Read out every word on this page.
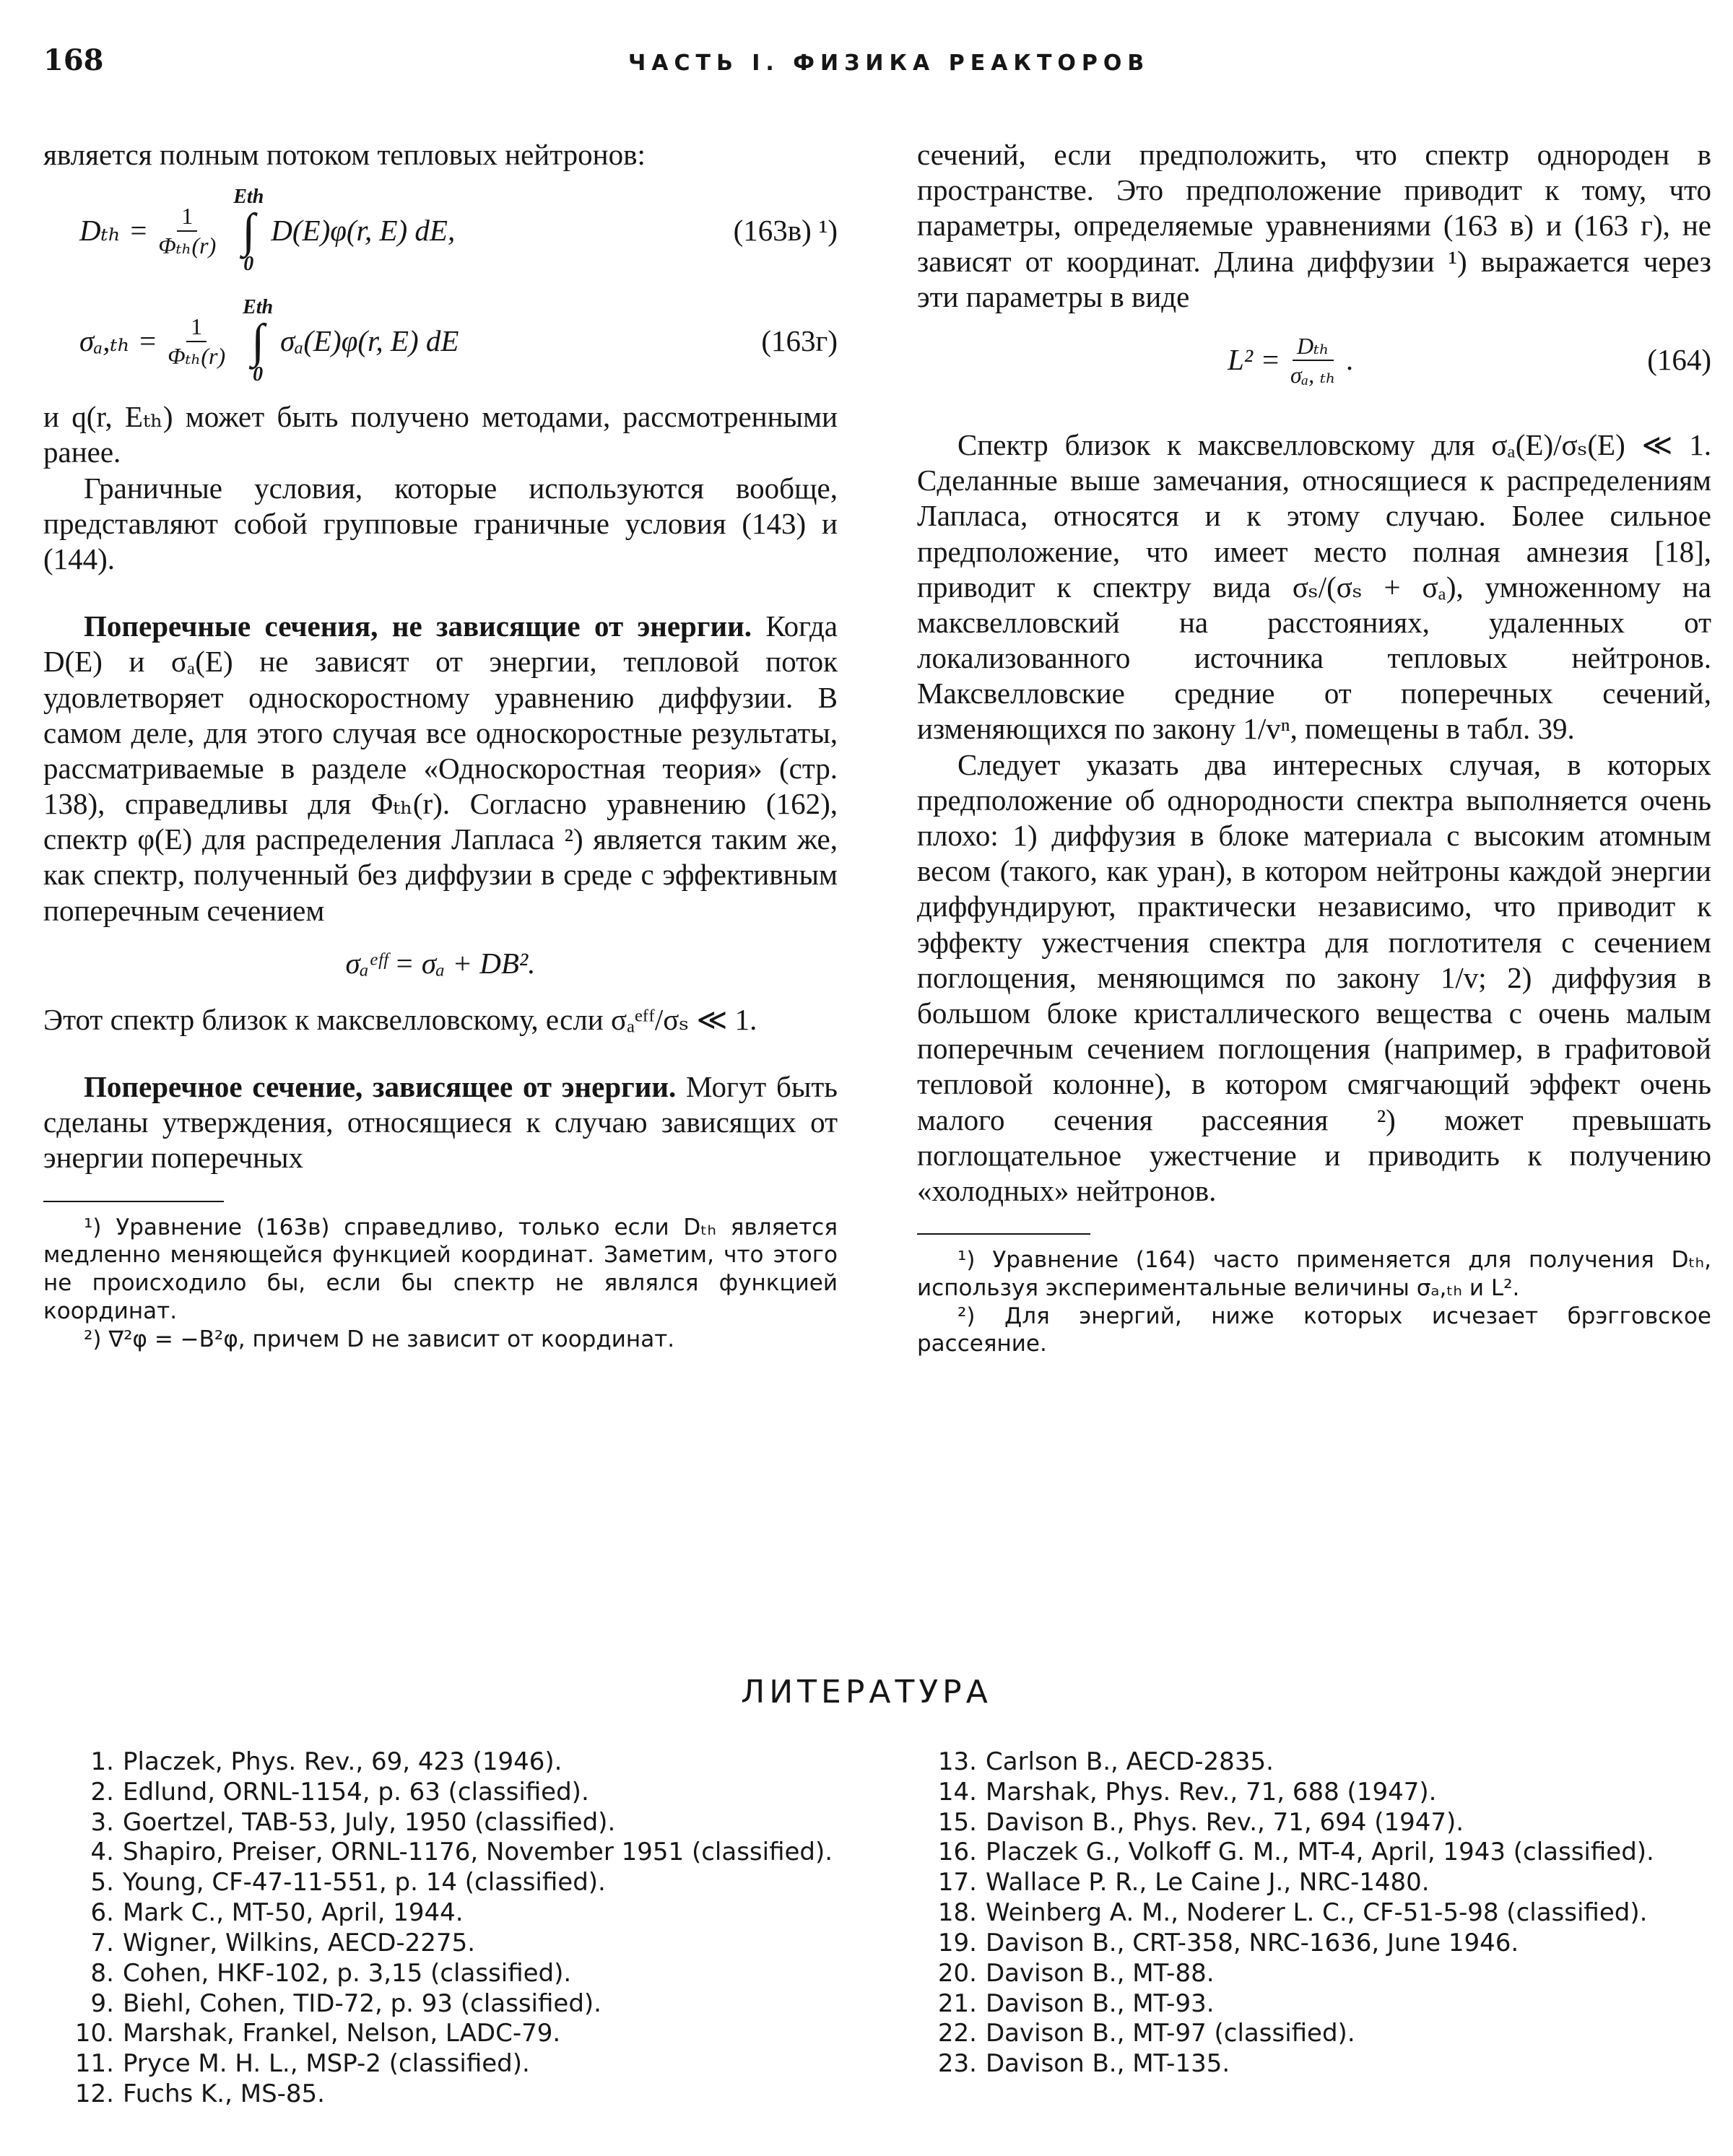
168	ЧАСТЬ I. ФИЗИКА РЕАКТОРОВ

является полным потоком тепловых нейтронов:

$D_{th} = \frac{1}{\text{Φₜₕ(r)}}$
Eth
∫
0
D(E)φ(r, E) dE,	(163в) ¹)
$\sigma_a,_{th} = \frac{1}{\text{Φₜₕ(r)}}$
Eth
∫
0
σₐ(E)φ(r, E) dE	(163г)

и q(r, Eₜₕ) может быть получено методами, рассмотренными ранее.

Граничные условия, которые используются вообще, представляют собой групповые граничные условия (143) и (144).

Поперечные сечения, не зависящие от энергии. Когда D(E) и σₐ(E) не зависят от энергии, тепловой поток удовлетворяет односкоростному уравнению диффузии. В самом деле, для этого случая все односкоростные результаты, рассматриваемые в разделе «Односкоростная теория» (стр. 138), справедливы для Φₜₕ(r). Согласно уравнению (162), спектр φ(E) для распределения Лапласа ²) является таким же, как спектр, полученный без диффузии в среде с эффективным поперечным сечением

σₐᵉᶠᶠ = σₐ + DB².

Этот спектр близок к максвелловскому, если σₐᵉᶠᶠ/σₛ ≪ 1.

Поперечное сечение, зависящее от энергии. Могут быть сделаны утверждения, относящиеся к случаю зависящих от энергии поперечных

¹) Уравнение (163в) справедливо, только если Dₜₕ является медленно меняющейся функцией координат. Заметим, что этого не происходило бы, если бы спектр не являлся функцией координат.

²) ∇²φ = −B²φ, причем D не зависит от координат.

сечений, если предположить, что спектр однороден в пространстве. Это предположение приводит к тому, что параметры, определяемые уравнениями (163 в) и (163 г), не зависят от координат. Длина диффузии ¹) выражается через эти параметры в виде

$L^2 = \frac{\text{Dₜₕ}}{\text{σₐ, ₜₕ}}$ .	(164)

Спектр близок к максвелловскому для σₐ(E)/σₛ(E) ≪ 1. Сделанные выше замечания, относящиеся к распределениям Лапласа, относятся и к этому случаю. Более сильное предположение, что имеет место полная амнезия [18], приводит к спектру вида σₛ/(σₛ + σₐ), умноженному на максвелловский на расстояниях, удаленных от локализованного источника тепловых нейтронов. Максвелловские средние от поперечных сечений, изменяющихся по закону 1/vⁿ, помещены в табл. 39.

Следует указать два интересных случая, в которых предположение об однородности спектра выполняется очень плохо: 1) диффузия в блоке материала с высоким атомным весом (такого, как уран), в котором нейтроны каждой энергии диффундируют, практически независимо, что приводит к эффекту ужестчения спектра для поглотителя с сечением поглощения, меняющимся по закону 1/v; 2) диффузия в большом блоке кристаллического вещества с очень малым поперечным сечением поглощения (например, в графитовой тепловой колонне), в котором смягчающий эффект очень малого сечения рассеяния ²) может превышать поглощательное ужестчение и приводить к получению «холодных» нейтронов.

¹) Уравнение (164) часто применяется для получения Dₜₕ, используя экспериментальные величины σₐ,ₜₕ и L².

²) Для энергий, ниже которых исчезает брэгговское рассеяние.

ЛИТЕРАТУРА
1. Placzek, Phys. Rev., 69, 423 (1946).
2. Edlund, ORNL-1154, p. 63 (classified).
3. Goertzel, TAB-53, July, 1950 (classified).
4. Shapiro, Preiser, ORNL-1176, November 1951 (classified).
5. Young, CF-47-11-551, p. 14 (classified).
6. Mark C., MT-50, April, 1944.
7. Wigner, Wilkins, AECD-2275.
8. Cohen, HKF-102, p. 3,15 (classified).
9. Biehl, Cohen, TID-72, p. 93 (classified).
10. Marshak, Frankel, Nelson, LADC-79.
11. Pryce M. H. L., MSP-2 (classified).
12. Fuchs K., MS-85.
13. Carlson B., AECD-2835.
14. Marshak, Phys. Rev., 71, 688 (1947).
15. Davison B., Phys. Rev., 71, 694 (1947).
16. Placzek G., Volkoff G. M., MT-4, April, 1943 (classified).
17. Wallace P. R., Le Caine J., NRC-1480.
18. Weinberg A. M., Noderer L. C., CF-51-5-98 (classified).
19. Davison B., CRT-358, NRC-1636, June 1946.
20. Davison B., MT-88.
21. Davison B., MT-93.
22. Davison B., MT-97 (classified).
23. Davison B., MT-135.
